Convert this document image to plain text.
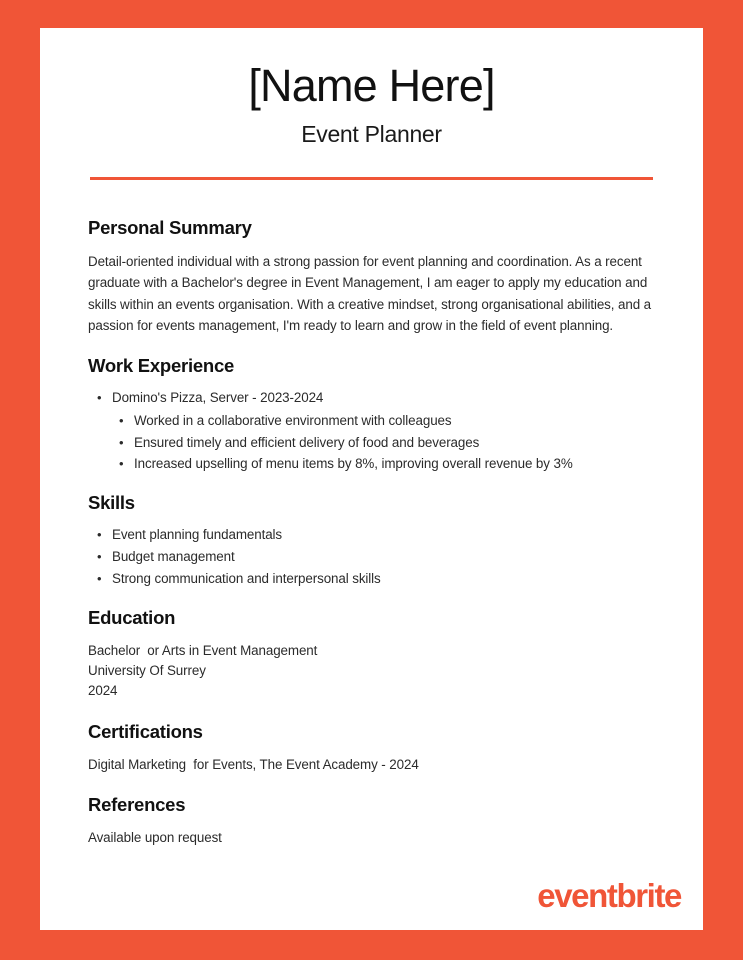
[Name Here]

Event Planner

Personal Summary

Detail-oriented individual with a strong passion for event planning and coordination. As a recent graduate with a Bachelor's degree in Event Management, I am eager to apply my education and skills within an events organisation. With a creative mindset, strong organisational abilities, and a passion for events management, I'm ready to learn and grow in the field of event planning.

Work Experience
• Domino's Pizza, Server - 2023-2024
• Worked in a collaborative environment with colleagues
• Ensured timely and efficient delivery of food and beverages
• Increased upselling of menu items by 8%, improving overall revenue by 3%
Skills
• Event planning fundamentals
• Budget management
• Strong communication and interpersonal skills
Education
Bachelor  or Arts in Event Management
University Of Surrey
2024
Certifications
Digital Marketing  for Events, The Event Academy - 2024
References
Available upon request
eventbrite
